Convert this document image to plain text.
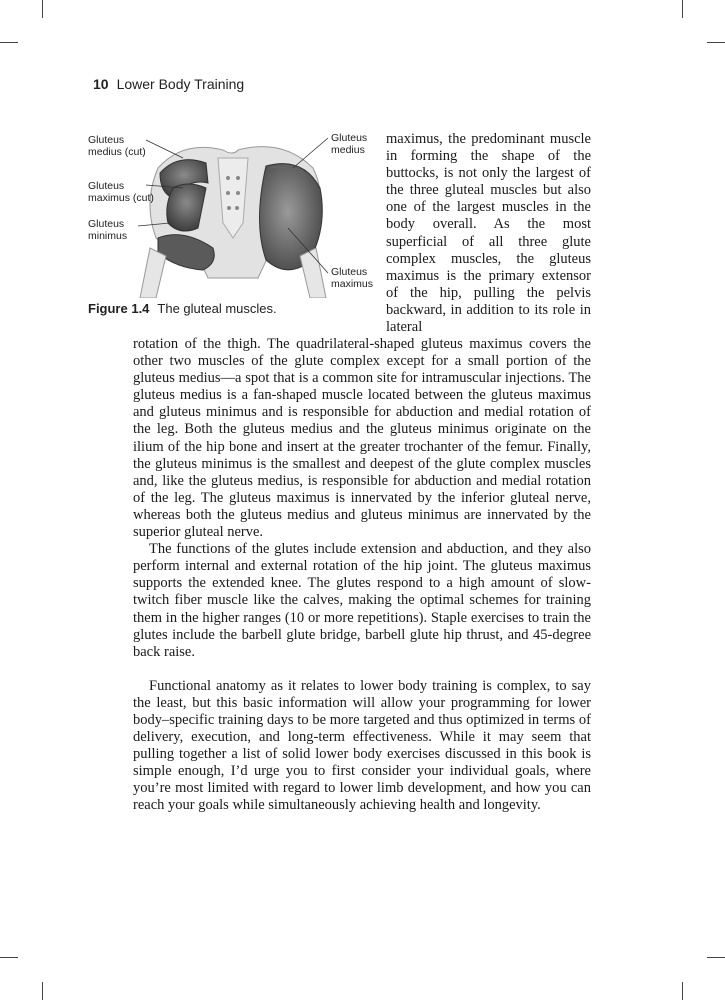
10 Lower Body Training
Gluteus
medius (cut)
Gluteus
maximus (cut)
Gluteus
minimus
Gluteus
medius
Gluteus
maximus
Figure 1.4 The gluteal muscles.
maximus, the predominant muscle in forming the shape of the buttocks, is not only the largest of the three gluteal muscles but also one of the largest muscles in the body overall. As the most superficial of all three glute complex muscles, the gluteus maximus is the primary extensor of the hip, pulling the pelvis backward, in addition to its role in lateral

rotation of the thigh. The quadrilateral-shaped gluteus maximus covers the other two muscles of the glute complex except for a small portion of the gluteus medius—a spot that is a common site for intramuscular injections. The gluteus medius is a fan-shaped muscle located between the gluteus maximus and gluteus minimus and is responsible for abduction and medial rotation of the leg. Both the gluteus medius and the gluteus minimus originate on the ilium of the hip bone and insert at the greater trochanter of the femur. Finally, the gluteus minimus is the smallest and deepest of the glute complex muscles and, like the gluteus medius, is responsible for abduction and medial rotation of the leg. The gluteus maximus is innervated by the inferior gluteal nerve, whereas both the gluteus medius and gluteus minimus are innervated by the superior gluteal nerve.

The functions of the glutes include extension and abduction, and they also perform internal and external rotation of the hip joint. The gluteus maximus supports the extended knee. The glutes respond to a high amount of slow-twitch fiber muscle like the calves, making the optimal schemes for training them in the higher ranges (10 or more repetitions). Staple exercises to train the glutes include the barbell glute bridge, barbell glute hip thrust, and 45-degree back raise.

Functional anatomy as it relates to lower body training is complex, to say the least, but this basic information will allow your programming for lower body–specific training days to be more targeted and thus optimized in terms of delivery, execution, and long-term effectiveness. While it may seem that pulling together a list of solid lower body exercises discussed in this book is simple enough, I’d urge you to first consider your individual goals, where you’re most limited with regard to lower limb development, and how you can reach your goals while simultaneously achieving health and longevity.
